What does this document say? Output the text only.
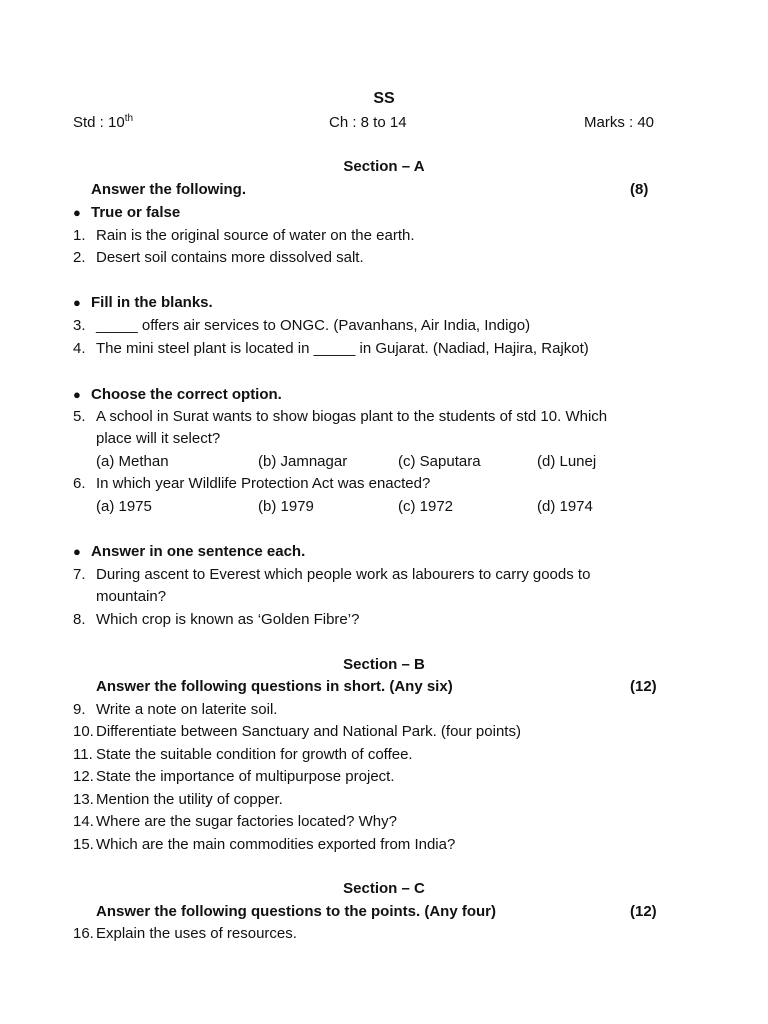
SS
Std : 10th	Ch : 8 to 14	Marks : 40
Section – A
Answer the following.	(8)
● True or false
1. Rain is the original source of water on the earth.
2. Desert soil contains more dissolved salt.
● Fill in the blanks.
3. _____ offers air services to ONGC. (Pavanhans, Air India, Indigo)
4. The mini steel plant is located in _____ in Gujarat. (Nadiad, Hajira, Rajkot)
● Choose the correct option.
5. A school in Surat wants to show biogas plant to the students of std 10. Which
place will it select?
(a) Methan	(b) Jamnagar	(c) Saputara	(d) Lunej
6. In which year Wildlife Protection Act was enacted?
(a) 1975	(b) 1979	(c) 1972	(d) 1974
● Answer in one sentence each.
7. During ascent to Everest which people work as labourers to carry goods to
mountain?
8. Which crop is known as ‘Golden Fibre’?
Section – B
Answer the following questions in short. (Any six)	(12)
9. Write a note on laterite soil.
10. Differentiate between Sanctuary and National Park. (four points)
11. State the suitable condition for growth of coffee.
12. State the importance of multipurpose project.
13. Mention the utility of copper.
14. Where are the sugar factories located? Why?
15. Which are the main commodities exported from India?
Section – C
Answer the following questions to the points. (Any four)	(12)
16. Explain the uses of resources.
